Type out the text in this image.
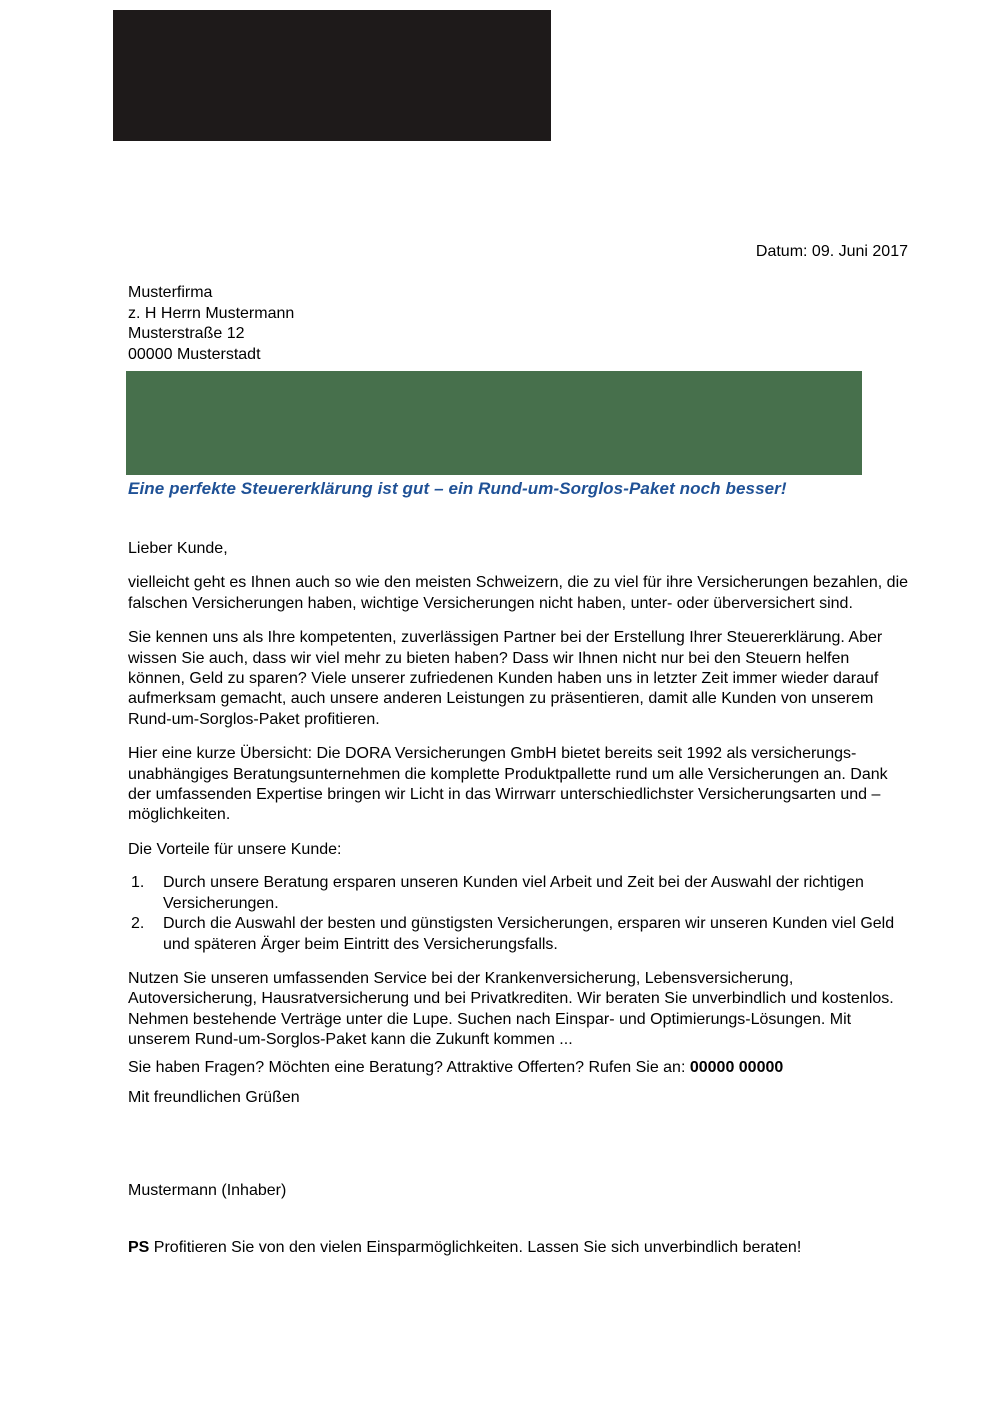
Datum: 09. Juni 2017
Musterfirma
z. H Herrn Mustermann
Musterstraße 12
00000 Musterstadt
Eine perfekte Steuererklärung ist gut – ein Rund-um-Sorglos-Paket noch besser!

Lieber Kunde,

vielleicht geht es Ihnen auch so wie den meisten Schweizern, die zu viel für ihre Versicherungen bezahlen, die falschen Versicherungen haben, wichtige Versicherungen nicht haben, unter- oder überversichert sind.

Sie kennen uns als Ihre kompetenten, zuverlässigen Partner bei der Erstellung Ihrer Steuererklärung. Aber wissen Sie auch, dass wir viel mehr zu bieten haben? Dass wir Ihnen nicht nur bei den Steuern helfen können, Geld zu sparen? Viele unserer zufriedenen Kunden haben uns in letzter Zeit immer wieder darauf aufmerksam gemacht, auch unsere anderen Leistungen zu präsentieren, damit alle Kunden von unserem Rund-um-Sorglos-Paket profitieren.

Hier eine kurze Übersicht: Die DORA Versicherungen GmbH bietet bereits seit 1992 als versicherungs-unabhängiges Beratungsunternehmen die komplette Produktpallette rund um alle Versicherungen an. Dank der umfassenden Expertise bringen wir Licht in das Wirrwarr unterschiedlichster Versicherungsarten und –möglichkeiten.

Die Vorteile für unsere Kunde:

Durch unsere Beratung ersparen unseren Kunden viel Arbeit und Zeit bei der Auswahl der richtigen Versicherungen.
Durch die Auswahl der besten und günstigsten Versicherungen, ersparen wir unseren Kunden viel Geld und späteren Ärger beim Eintritt des Versicherungsfalls.

Nutzen Sie unseren umfassenden Service bei der Krankenversicherung, Lebensversicherung, Autoversicherung, Hausratversicherung und bei Privatkrediten. Wir beraten Sie unverbindlich und kostenlos. Nehmen bestehende Verträge unter die Lupe. Suchen nach Einspar- und Optimierungs-Lösungen. Mit unserem Rund-um-Sorglos-Paket kann die Zukunft kommen ...

Sie haben Fragen? Möchten eine Beratung? Attraktive Offerten? Rufen Sie an: 00000 00000
Mit freundlichen Grüßen
Mustermann (Inhaber)
PS Profitieren Sie von den vielen Einsparmöglichkeiten. Lassen Sie sich unverbindlich beraten!
